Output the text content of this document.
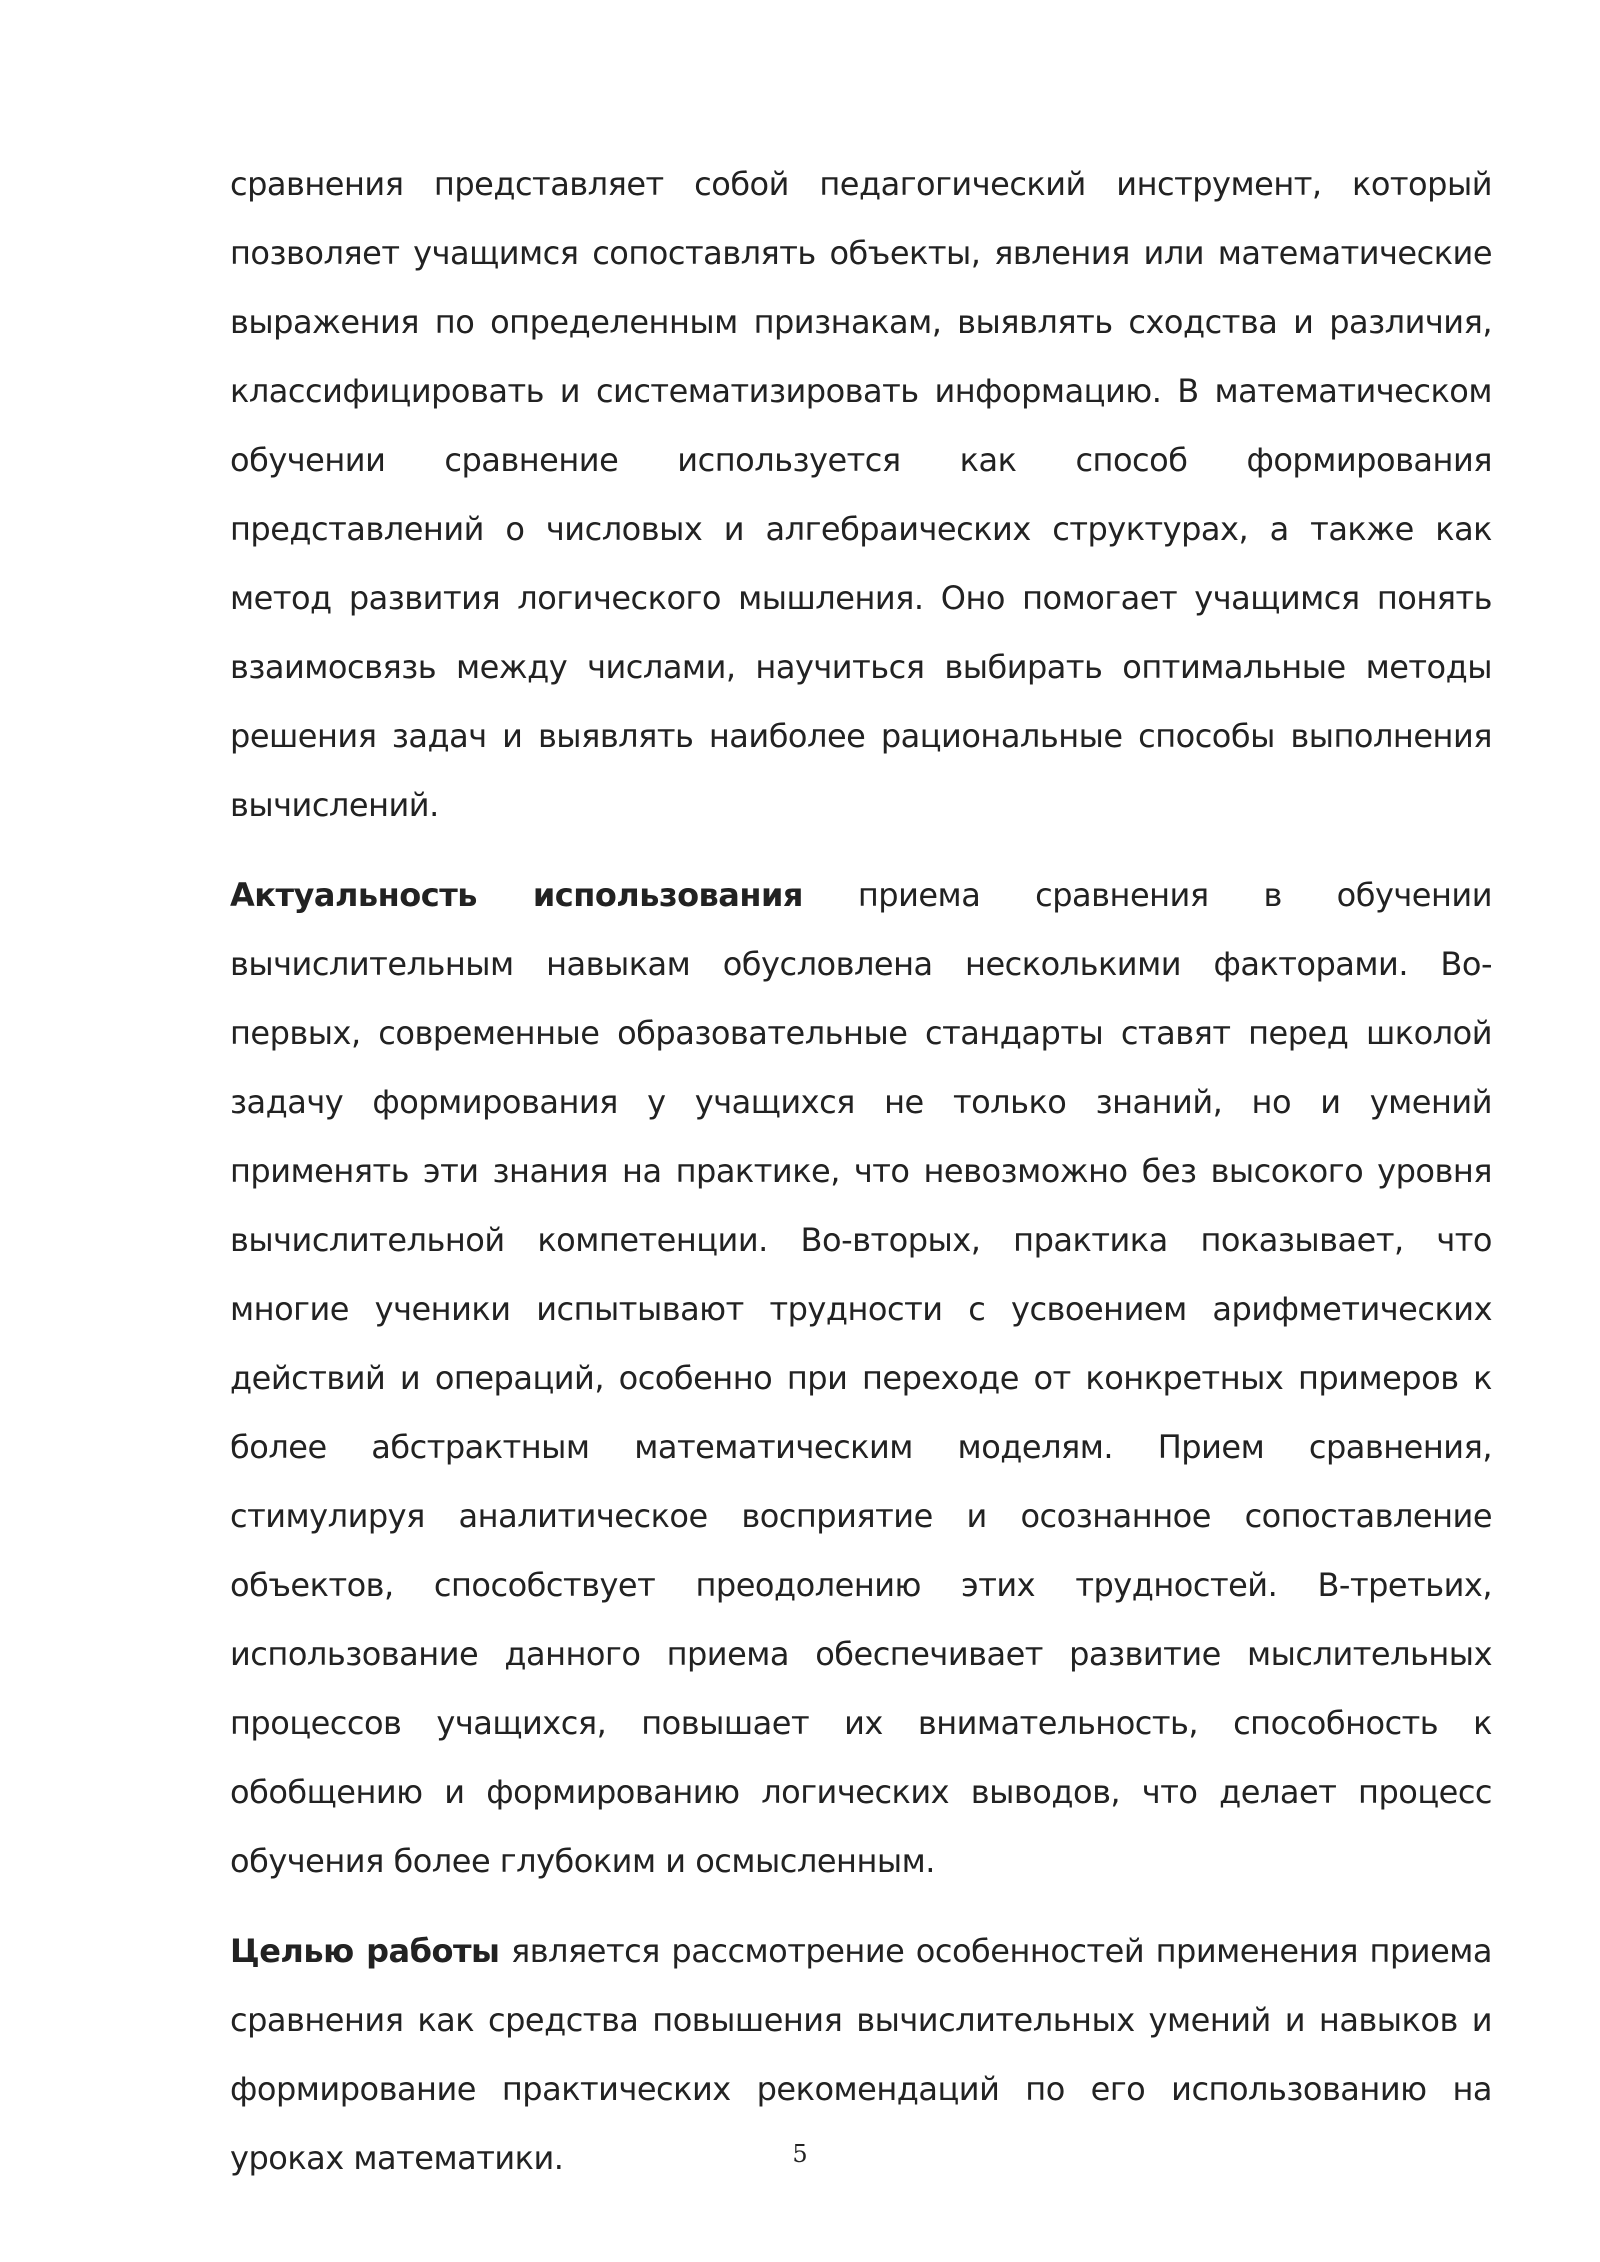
сравнения представляет собой педагогический инструмент, который позволяет учащимся сопоставлять объекты, явления или математические выражения по определенным признакам, выявлять сходства и различия, классифицировать и систематизировать информацию. В математическом обучении сравнение используется как способ формирования представлений о числовых и алгебраических структурах, а также как метод развития логического мышления. Оно помогает учащимся понять взаимосвязь между числами, научиться выбирать оптимальные методы решения задач и выявлять наиболее рациональные способы выполнения вычислений.

Актуальность использования приема сравнения в обучении вычислительным навыкам обусловлена несколькими факторами. Во-первых, современные образовательные стандарты ставят перед школой задачу формирования у учащихся не только знаний, но и умений применять эти знания на практике, что невозможно без высокого уровня вычислительной компетенции. Во-вторых, практика показывает, что многие ученики испытывают трудности с усвоением арифметических действий и операций, особенно при переходе от конкретных примеров к более абстрактным математическим моделям. Прием сравнения, стимулируя аналитическое восприятие и осознанное сопоставление объектов, способствует преодолению этих трудностей. В-третьих, использование данного приема обеспечивает развитие мыслительных процессов учащихся, повышает их внимательность, способность к обобщению и формированию логических выводов, что делает процесс обучения более глубоким и осмысленным.

Целью работы является рассмотрение особенностей применения приема сравнения как средства повышения вычислительных умений и навыков и формирование практических рекомендаций по его использованию на уроках математики.	5
